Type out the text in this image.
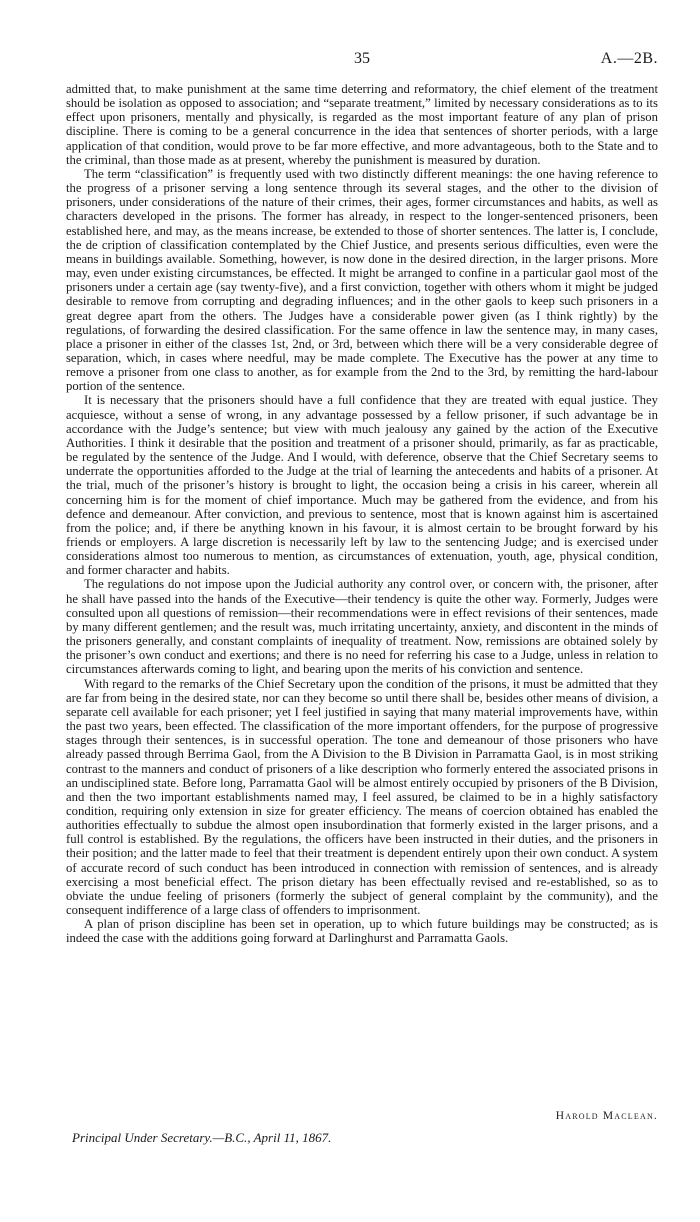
35	A.—2B.

admitted that, to make punishment at the same time deterring and reformatory, the chief element of the treatment should be isolation as opposed to association; and “separate treatment,” limited by necessary considerations as to its effect upon prisoners, mentally and physically, is regarded as the most important feature of any plan of prison discipline. There is coming to be a general concurrence in the idea that sentences of shorter periods, with a large application of that condition, would prove to be far more effective, and more advantageous, both to the State and to the criminal, than those made as at present, whereby the punishment is measured by duration.

The term “classification” is frequently used with two distinctly different meanings: the one having reference to the progress of a prisoner serving a long sentence through its several stages, and the other to the division of prisoners, under considerations of the nature of their crimes, their ages, former circumstances and habits, as well as characters developed in the prisons. The former has already, in respect to the longer-sentenced prisoners, been established here, and may, as the means increase, be extended to those of shorter sentences. The latter is, I conclude, the de cription of classification contemplated by the Chief Justice, and presents serious difficulties, even were the means in buildings available. Something, however, is now done in the desired direction, in the larger prisons. More may, even under existing circumstances, be effected. It might be arranged to confine in a particular gaol most of the prisoners under a certain age (say twenty-five), and a first conviction, together with others whom it might be judged desirable to remove from corrupting and degrading influences; and in the other gaols to keep such prisoners in a great degree apart from the others. The Judges have a considerable power given (as I think rightly) by the regulations, of forwarding the desired classification. For the same offence in law the sentence may, in many cases, place a prisoner in either of the classes 1st, 2nd, or 3rd, between which there will be a very considerable degree of separation, which, in cases where needful, may be made complete. The Executive has the power at any time to remove a prisoner from one class to another, as for example from the 2nd to the 3rd, by remitting the hard-labour portion of the sentence.

It is necessary that the prisoners should have a full confidence that they are treated with equal justice. They acquiesce, without a sense of wrong, in any advantage possessed by a fellow prisoner, if such advantage be in accordance with the Judge’s sentence; but view with much jealousy any gained by the action of the Executive Authorities. I think it desirable that the position and treatment of a prisoner should, primarily, as far as practicable, be regulated by the sentence of the Judge. And I would, with deference, observe that the Chief Secretary seems to underrate the opportunities afforded to the Judge at the trial of learning the antecedents and habits of a prisoner. At the trial, much of the prisoner’s history is brought to light, the occasion being a crisis in his career, wherein all concerning him is for the moment of chief importance. Much may be gathered from the evidence, and from his defence and demeanour. After conviction, and previous to sentence, most that is known against him is ascertained from the police; and, if there be anything known in his favour, it is almost certain to be brought forward by his friends or employers. A large discretion is necessarily left by law to the sentencing Judge; and is exercised under considerations almost too numerous to mention, as circumstances of extenuation, youth, age, physical condition, and former character and habits.

The regulations do not impose upon the Judicial authority any control over, or concern with, the prisoner, after he shall have passed into the hands of the Executive—their tendency is quite the other way. Formerly, Judges were consulted upon all questions of remission—their recommendations were in effect revisions of their sentences, made by many different gentlemen; and the result was, much irritating uncertainty, anxiety, and discontent in the minds of the prisoners generally, and constant complaints of inequality of treatment. Now, remissions are obtained solely by the prisoner’s own conduct and exertions; and there is no need for referring his case to a Judge, unless in relation to circumstances afterwards coming to light, and bearing upon the merits of his conviction and sentence.

With regard to the remarks of the Chief Secretary upon the condition of the prisons, it must be admitted that they are far from being in the desired state, nor can they become so until there shall be, besides other means of division, a separate cell available for each prisoner; yet I feel justified in saying that many material improvements have, within the past two years, been effected. The classification of the more important offenders, for the purpose of progressive stages through their sentences, is in successful operation. The tone and demeanour of those prisoners who have already passed through Berrima Gaol, from the A Division to the B Division in Parramatta Gaol, is in most striking contrast to the manners and conduct of prisoners of a like description who formerly entered the associated prisons in an undisciplined state. Before long, Parramatta Gaol will be almost entirely occupied by prisoners of the B Division, and then the two important establishments named may, I feel assured, be claimed to be in a highly satisfactory condition, requiring only extension in size for greater efficiency. The means of coercion obtained has enabled the authorities effectually to subdue the almost open insubordination that formerly existed in the larger prisons, and a full control is established. By the regulations, the officers have been instructed in their duties, and the prisoners in their position; and the latter made to feel that their treatment is dependent entirely upon their own conduct. A system of accurate record of such conduct has been introduced in connection with remission of sentences, and is already exercising a most beneficial effect. The prison dietary has been effectually revised and re-established, so as to obviate the undue feeling of prisoners (formerly the subject of general complaint by the community), and the consequent indifference of a large class of offenders to imprisonment.

A plan of prison discipline has been set in operation, up to which future buildings may be constructed; as is indeed the case with the additions going forward at Darlinghurst and Parramatta Gaols.

Harold Maclean.
Principal Under Secretary.—B.C., April 11, 1867.
